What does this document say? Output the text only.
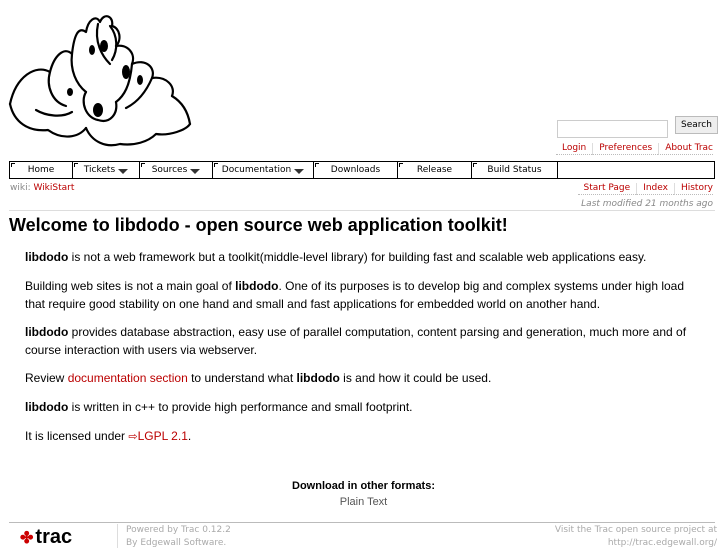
Search
Login	Preferences	About Trac
Home	Tickets	Sources	Documentation	Downloads	Release	Build Status
wiki: WikiStart	Start Page	Index	History
Last modified 21 months ago
Welcome to libdodo - open source web application toolkit!

libdodo is not a web framework but a toolkit(middle-level library) for building fast and scalable web applications easy.

Building web sites is not a main goal of libdodo. One of its purposes is to develop big and complex systems under high load that require good stability on one hand and small and fast applications for embedded world on another hand.

libdodo provides database abstraction, easy use of parallel computation, content parsing and generation, much more and of course interaction with users via webserver.

Review documentation section to understand what libdodo is and how it could be used.

libdodo is written in c++ to provide high performance and small footprint.

It is licensed under ⇨LGPL 2.1.

Download in other formats:
Plain Text
✤ trac	Powered by Trac 0.12.2
By Edgewall Software.
Visit the Trac open source project at
http://trac.edgewall.org/
